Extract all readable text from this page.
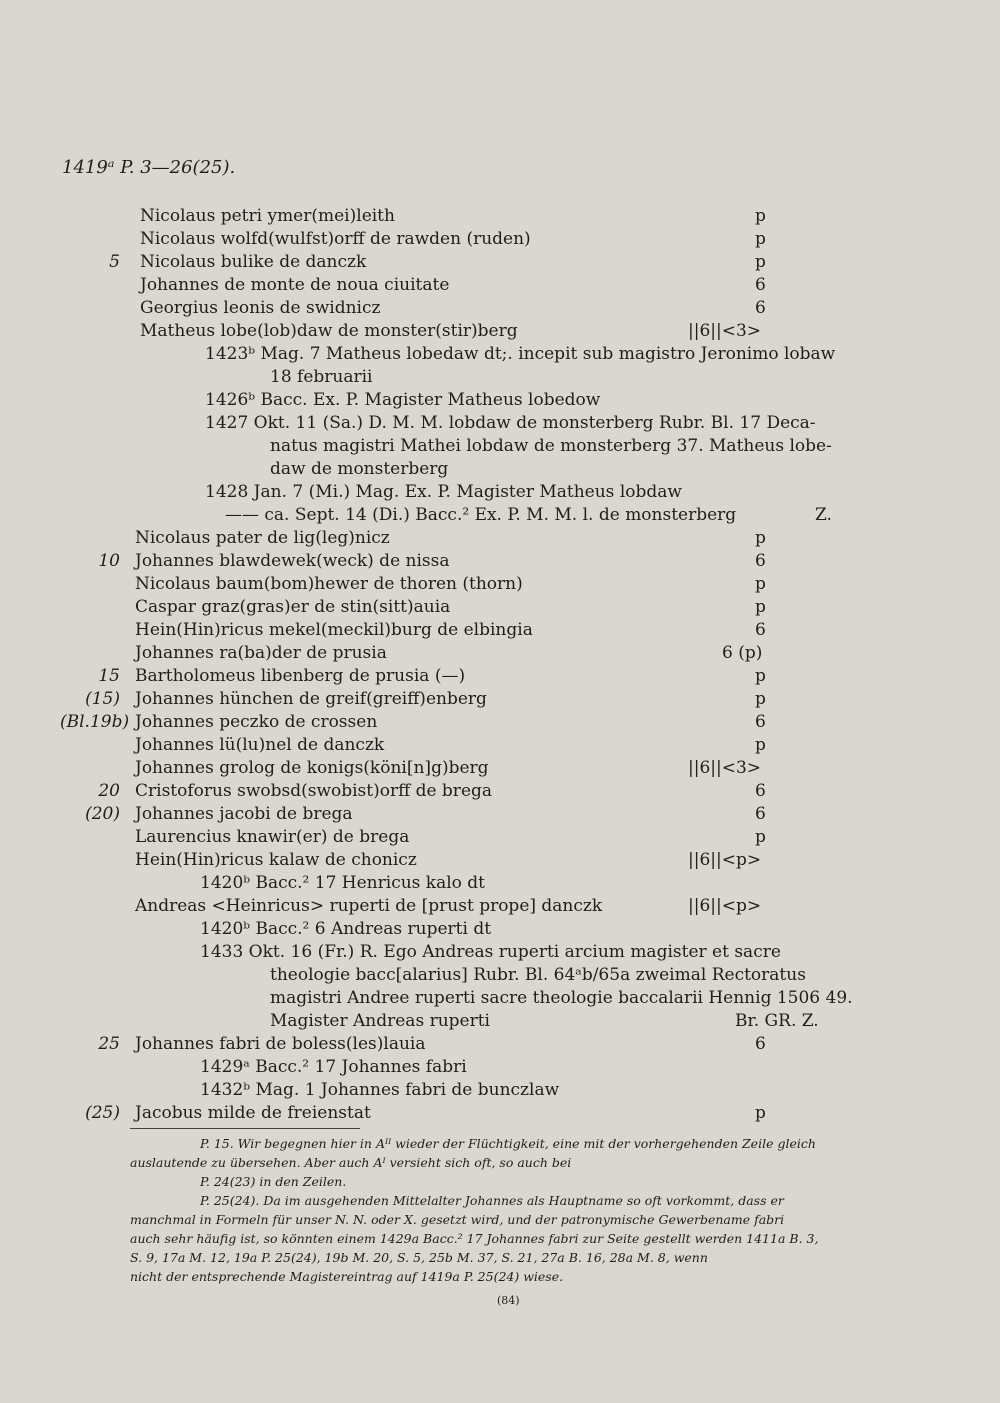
1419ᵃ P. 3—26(25).
Nicolaus petri ymer(mei)leith	p
Nicolaus wolfd(wulfst)orff de rawden (ruden)	p
5 Nicolaus bulike de danczk	p
Johannes de monte de noua ciuitate	6
Georgius leonis de swidnicz	6
Matheus lobe(lob)daw de monster(stir)berg	||6||<3>
1423ᵇ Mag. 7 Matheus lobedaw dt;. incepit sub magistro Jeronimo lobaw
18 februarii
1426ᵇ Bacc. Ex. P. Magister Matheus lobedow
1427 Okt. 11 (Sa.) D. M. M. lobdaw de monsterberg Rubr. Bl. 17 Deca-
natus magistri Mathei lobdaw de monsterberg 37. Matheus lobe-
daw de monsterberg
1428 Jan. 7 (Mi.) Mag. Ex. P. Magister Matheus lobdaw
—— ca. Sept. 14 (Di.) Bacc.² Ex. P. M. M. l. de monsterberg	Z.
Nicolaus pater de lig(leg)nicz	p
10 Johannes blawdewek(weck) de nissa	6
Nicolaus baum(bom)hewer de thoren (thorn)	p
Caspar graz(gras)er de stin(sitt)auia	p
Hein(Hin)ricus mekel(meckil)burg de elbingia	6
Johannes ra(ba)der de prusia	6 (p)
15 Bartholomeus libenberg de prusia (—)	p
(15) Johannes hünchen de greif(greiff)enberg	p
(Bl.19b) Johannes peczko de crossen	6
Johannes lü(lu)nel de danczk	p
Johannes grolog de konigs(köni[n]g)berg	||6||<3>
20 Cristoforus swobsd(swobist)orff de brega	6
(20) Johannes jacobi de brega	6
Laurencius knawir(er) de brega	p
Hein(Hin)ricus kalaw de chonicz	||6||<p>
1420ᵇ Bacc.² 17 Henricus kalo dt
Andreas <Heinricus> ruperti de [prust prope] danczk	||6||<p>
1420ᵇ Bacc.² 6 Andreas ruperti dt
1433 Okt. 16 (Fr.) R. Ego Andreas ruperti arcium magister et sacre
theologie bacc[alarius] Rubr. Bl. 64ᵃb/65a zweimal Rectoratus
magistri Andree ruperti sacre theologie baccalarii Hennig 1506 49.
Magister Andreas ruperti	Br. GR. Z.
25 Johannes fabri de boless(les)lauia	6
1429ᵃ Bacc.² 17 Johannes fabri
1432ᵇ Mag. 1 Johannes fabri de bunczlaw
(25) Jacobus milde de freienstat	p
P. 15. Wir begegnen hier in Aᴵᴵ wieder der Flüchtigkeit, eine mit der vorhergehenden Zeile gleich
auslautende zu übersehen. Aber auch Aᴵ versieht sich oft, so auch bei
P. 24(23) in den Zeilen.
P. 25(24). Da im ausgehenden Mittelalter Johannes als Hauptname so oft vorkommt, dass er
manchmal in Formeln für unser N. N. oder X. gesetzt wird, und der patronymische Gewerbename fabri
auch sehr häufig ist, so könnten einem 1429a Bacc.² 17 Johannes fabri zur Seite gestellt werden 1411a B. 3,
S. 9, 17a M. 12, 19a P. 25(24), 19b M. 20, S. 5, 25b M. 37, S. 21, 27a B. 16, 28a M. 8, wenn
nicht der entsprechende Magistereintrag auf 1419a P. 25(24) wiese.
(84)
